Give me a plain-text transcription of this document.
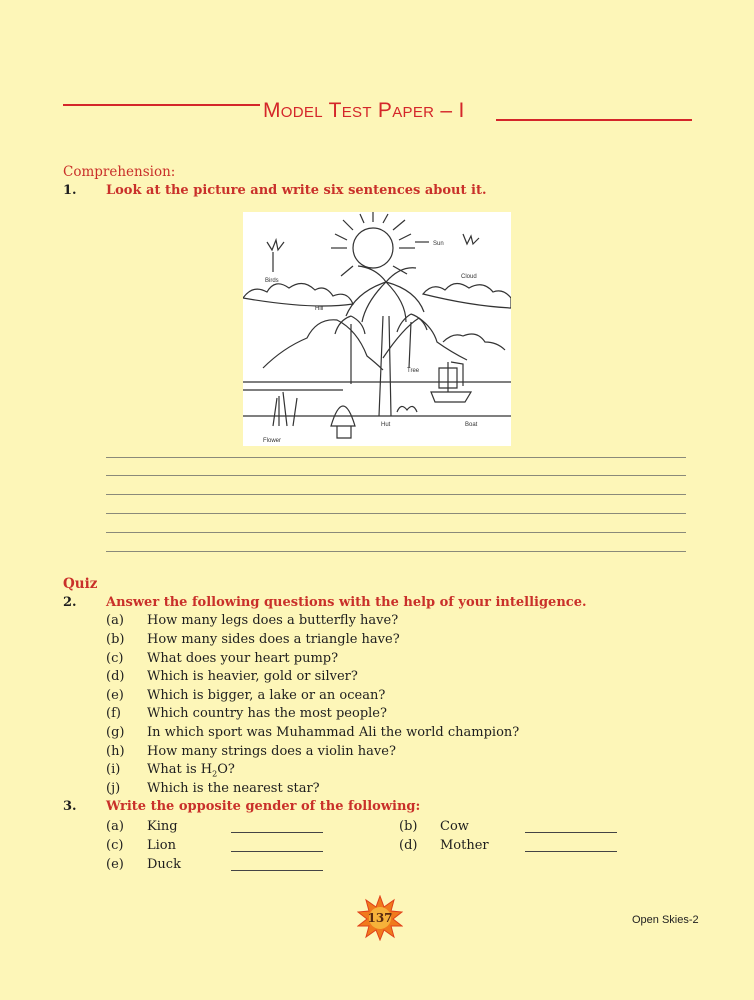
Model Test Paper – I
Comprehension:
1. Look at the picture and write six sentences about it.
Sun
Birds
Cloud
Hill
Tree
Flower
Hut	Boat
Quiz
2. Answer the following questions with the help of your intelligence.
(a) How many legs does a butterfly have?
(b) How many sides does a triangle have?
(c) What does your heart pump?
(d) Which is heavier, gold or silver?
(e) Which is bigger, a lake or an ocean?
(f) Which country has the most people?
(g) In which sport was Muhammad Ali the world champion?
(h) How many strings does a violin have?
(i) What is $H_2O$?
(j) Which is the nearest star?
3. Write the opposite gender of the following:
(a) King	(b) Cow
(c) Lion	(d) Mother
(e) Duck
137	Open Skies-2
